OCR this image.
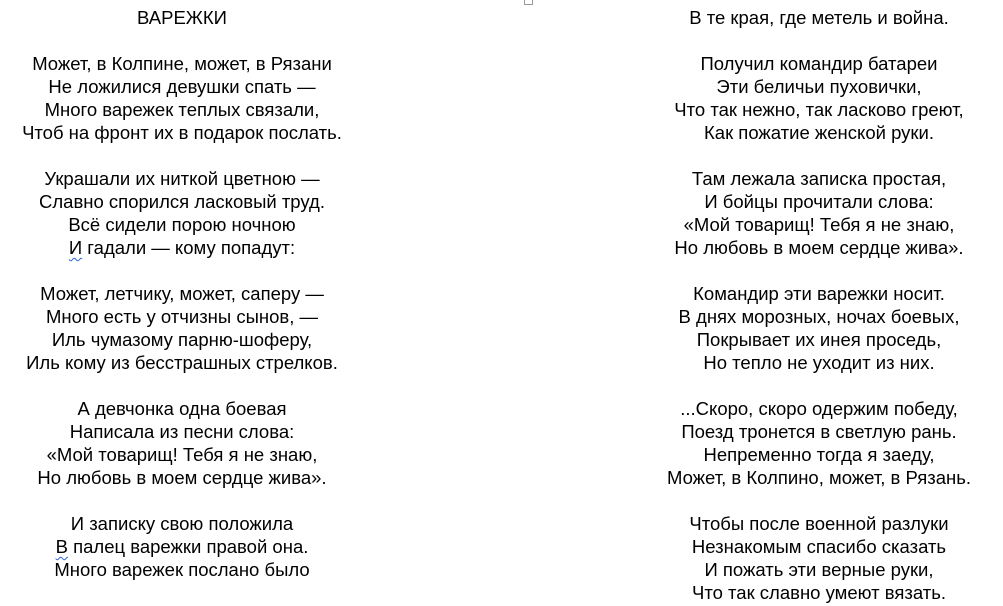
ВАРЕЖКИ
Может, в Колпине, может, в Рязани
Не ложилися девушки спать —
Много варежек теплых связали,
Чтоб на фронт их в подарок послать.
Украшали их ниткой цветною —
Славно спорился ласковый труд.
Всё сидели порою ночною
И гадали — кому попадут:
Может, летчику, может, саперу —
Много есть у отчизны сынов, —
Иль чумазому парню-шоферу,
Иль кому из бесстрашных стрелков.
А девчонка одна боевая
Написала из песни слова:
«Мой товарищ! Тебя я не знаю,
Но любовь в моем сердце жива».
И записку свою положила
В палец варежки правой она.
Много варежек послано было
В те края, где метель и война.
Получил командир батареи
Эти беличьи пуховички,
Что так нежно, так ласково греют,
Как пожатие женской руки.
Там лежала записка простая,
И бойцы прочитали слова:
«Мой товарищ! Тебя я не знаю,
Но любовь в моем сердце жива».
Командир эти варежки носит.
В днях морозных, ночах боевых,
Покрывает их инея проседь,
Но тепло не уходит из них.
...Скоро, скоро одержим победу,
Поезд тронется в светлую рань.
Непременно тогда я заеду,
Может, в Колпино, может, в Рязань.
Чтобы после военной разлуки
Незнакомым спасибо сказать
И пожать эти верные руки,
Что так славно умеют вязать.
